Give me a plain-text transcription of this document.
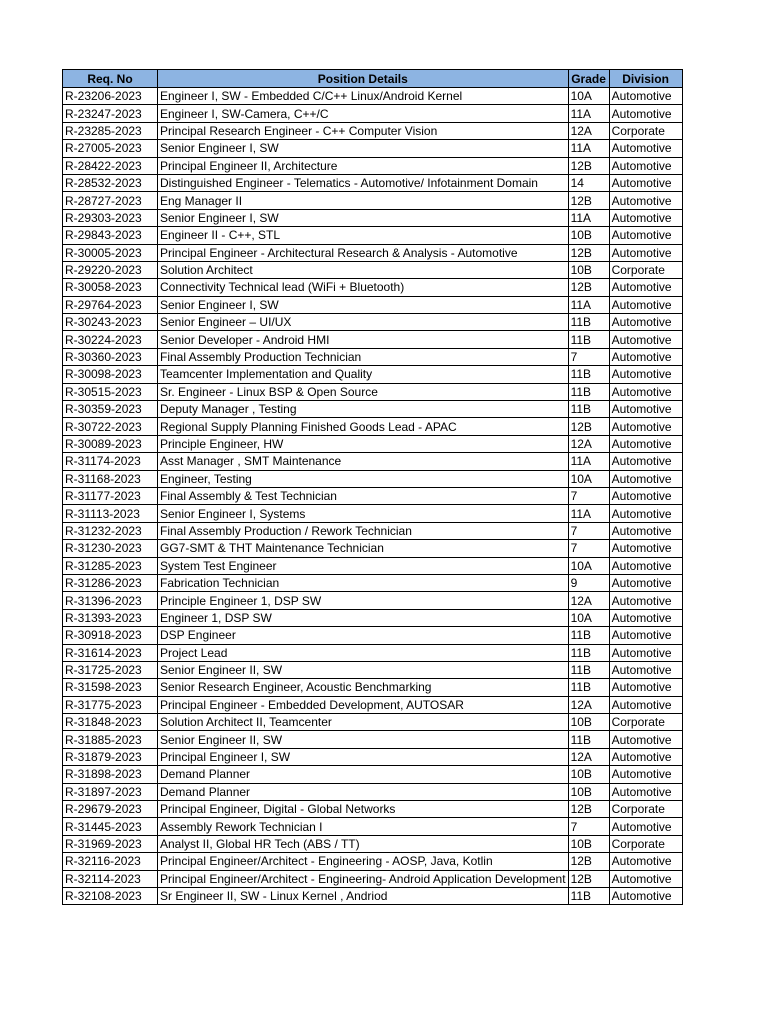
Req. No	Position Details	Grade	Division
R-23206-2023	Engineer I, SW - Embedded C/C++ Linux/Android Kernel	10A	Automotive
R-23247-2023	Engineer I, SW-Camera, C++/C	11A	Automotive
R-23285-2023	Principal Research Engineer - C++ Computer Vision	12A	Corporate
R-27005-2023	Senior Engineer I, SW	11A	Automotive
R-28422-2023	Principal Engineer II, Architecture	12B	Automotive
R-28532-2023	Distinguished Engineer - Telematics - Automotive/ Infotainment Domain	14	Automotive
R-28727-2023	Eng Manager II	12B	Automotive
R-29303-2023	Senior Engineer I, SW	11A	Automotive
R-29843-2023	Engineer II - C++, STL	10B	Automotive
R-30005-2023	Principal Engineer - Architectural Research & Analysis - Automotive	12B	Automotive
R-29220-2023	Solution Architect	10B	Corporate
R-30058-2023	Connectivity Technical lead (WiFi + Bluetooth)	12B	Automotive
R-29764-2023	Senior Engineer I, SW	11A	Automotive
R-30243-2023	Senior Engineer – UI/UX	11B	Automotive
R-30224-2023	Senior Developer - Android HMI	11B	Automotive
R-30360-2023	Final Assembly Production Technician	7	Automotive
R-30098-2023	Teamcenter Implementation and Quality	11B	Automotive
R-30515-2023	Sr. Engineer - Linux BSP & Open Source	11B	Automotive
R-30359-2023	Deputy Manager , Testing	11B	Automotive
R-30722-2023	Regional Supply Planning Finished Goods Lead - APAC	12B	Automotive
R-30089-2023	Principle Engineer, HW	12A	Automotive
R-31174-2023	Asst Manager , SMT Maintenance	11A	Automotive
R-31168-2023	Engineer, Testing	10A	Automotive
R-31177-2023	Final Assembly & Test Technician	7	Automotive
R-31113-2023	Senior Engineer I, Systems	11A	Automotive
R-31232-2023	Final Assembly Production / Rework Technician	7	Automotive
R-31230-2023	GG7-SMT & THT Maintenance Technician	7	Automotive
R-31285-2023	System Test Engineer	10A	Automotive
R-31286-2023	Fabrication Technician	9	Automotive
R-31396-2023	Principle Engineer 1, DSP SW	12A	Automotive
R-31393-2023	Engineer 1, DSP SW	10A	Automotive
R-30918-2023	DSP Engineer	11B	Automotive
R-31614-2023	Project Lead	11B	Automotive
R-31725-2023	Senior Engineer II, SW	11B	Automotive
R-31598-2023	Senior Research Engineer, Acoustic Benchmarking	11B	Automotive
R-31775-2023	Principal Engineer - Embedded Development, AUTOSAR	12A	Automotive
R-31848-2023	Solution Architect II, Teamcenter	10B	Corporate
R-31885-2023	Senior Engineer II, SW	11B	Automotive
R-31879-2023	Principal Engineer I, SW	12A	Automotive
R-31898-2023	Demand Planner	10B	Automotive
R-31897-2023	Demand Planner	10B	Automotive
R-29679-2023	Principal Engineer, Digital - Global Networks	12B	Corporate
R-31445-2023	Assembly Rework Technician I	7	Automotive
R-31969-2023	Analyst II, Global HR Tech (ABS / TT)	10B	Corporate
R-32116-2023	Principal Engineer/Architect - Engineering - AOSP, Java, Kotlin	12B	Automotive
R-32114-2023	Principal Engineer/Architect - Engineering- Android Application Development	12B	Automotive
R-32108-2023	Sr Engineer II, SW - Linux Kernel , Andriod	11B	Automotive
